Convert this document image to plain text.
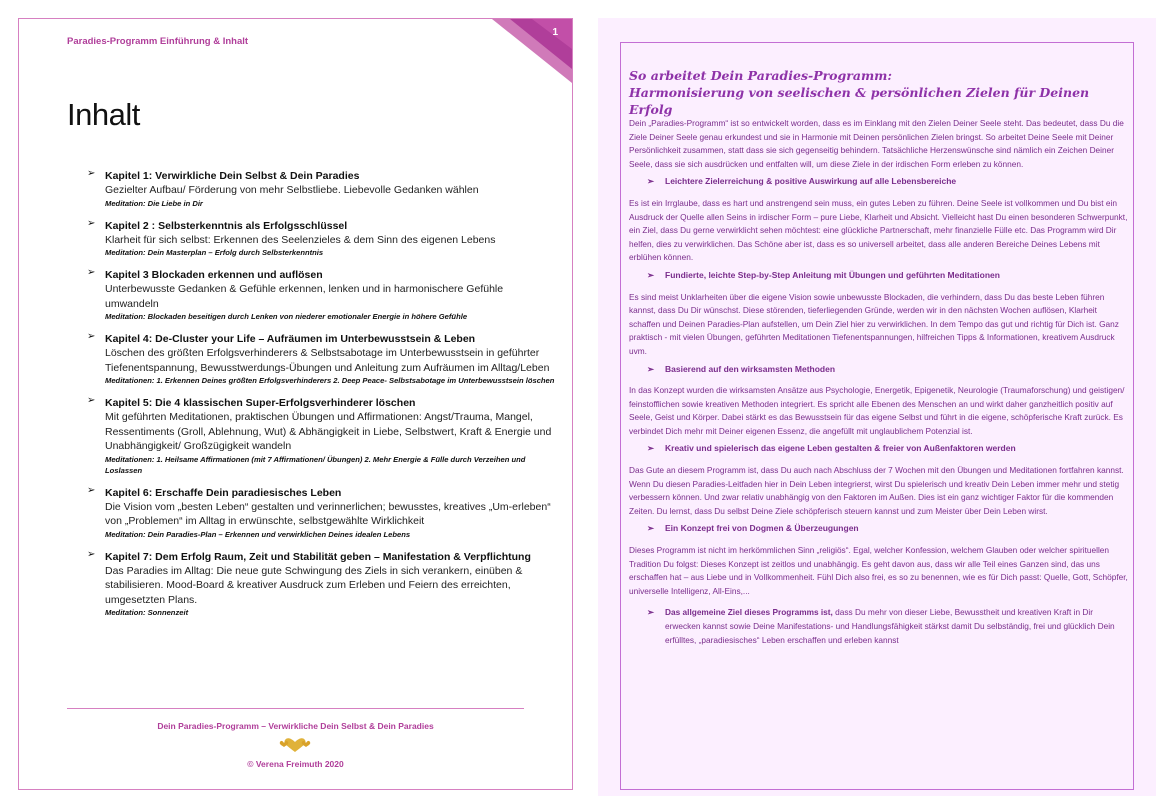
1
Paradies-Programm Einführung & Inhalt
Inhalt
➢ Kapitel 1: Verwirkliche Dein Selbst & Dein Paradies
Gezielter Aufbau/ Förderung von mehr Selbstliebe. Liebevolle Gedanken wählen
Meditation: Die Liebe in Dir
➢ Kapitel 2 : Selbsterkenntnis als Erfolgsschlüssel
Klarheit für sich selbst: Erkennen des Seelenzieles & dem Sinn des eigenen Lebens
Meditation: Dein Masterplan – Erfolg durch Selbsterkenntnis
➢ Kapitel 3 Blockaden erkennen und auflösen
Unterbewusste Gedanken & Gefühle erkennen, lenken und in harmonischere Gefühle umwandeln
Meditation: Blockaden beseitigen durch Lenken von niederer emotionaler Energie in höhere Gefühle
➢ Kapitel 4: De-Cluster your Life – Aufräumen im Unterbewusstsein & Leben
Löschen des größten Erfolgsverhinderers & Selbstsabotage im Unterbewusstsein in geführter Tiefenentspannung, Bewusstwerdungs-Übungen und Anleitung zum Aufräumen im Alltag/Leben
Meditationen: 1. Erkennen Deines größten Erfolgsverhinderers 2. Deep Peace- Selbstsabotage im Unterbewusstsein löschen
➢ Kapitel 5: Die 4 klassischen Super-Erfolgsverhinderer löschen
Mit geführten Meditationen, praktischen Übungen und Affirmationen: Angst/Trauma, Mangel, Ressentiments (Groll, Ablehnung, Wut) & Abhängigkeit in Liebe, Selbstwert, Kraft & Energie und Unabhängigkeit/ Großzügigkeit wandeln
Meditationen: 1. Heilsame Affirmationen (mit 7 Affirmationen/ Übungen) 2. Mehr Energie & Fülle durch Verzeihen und Loslassen
➢ Kapitel 6: Erschaffe Dein paradiesisches Leben
Die Vision vom „besten Leben“ gestalten und verinnerlichen; bewusstes, kreatives „Um-erleben“ von „Problemen“ im Alltag in erwünschte, selbstgewählte Wirklichkeit
Meditation: Dein Paradies-Plan – Erkennen und verwirklichen Deines idealen Lebens
➢ Kapitel 7: Dem Erfolg Raum, Zeit und Stabilität geben – Manifestation & Verpflichtung
Das Paradies im Alltag: Die neue gute Schwingung des Ziels in sich verankern, einüben & stabilisieren. Mood-Board & kreativer Ausdruck zum Erleben und Feiern des erreichten, umgesetzten Plans.
Meditation: Sonnenzeit
Dein Paradies-Programm – Verwirkliche Dein Selbst & Dein Paradies
© Verena Freimuth 2020
So arbeitet Dein Paradies-Programm:
Harmonisierung von seelischen & persönlichen Zielen für Deinen Erfolg

Dein „Paradies-Programm“ ist so entwickelt worden, dass es im Einklang mit den Zielen Deiner Seele steht. Das bedeutet, dass Du die Ziele Deiner Seele genau erkundest und sie in Harmonie mit Deinen persönlichen Zielen bringst. So arbeitet Deine Seele mit Deiner Persönlichkeit zusammen, statt dass sie sich gegenseitig behindern. Tatsächliche Herzenswünsche sind nämlich ein Zeichen Deiner Seele, dass sie sich ausdrücken und entfalten will, um diese Ziele in der irdischen Form erleben zu können.

➢ Leichtere Zielerreichung & positive Auswirkung auf alle Lebensbereiche

Es ist ein Irrglaube, dass es hart und anstrengend sein muss, ein gutes Leben zu führen. Deine Seele ist vollkommen und Du bist ein Ausdruck der Quelle allen Seins in irdischer Form – pure Liebe, Klarheit und Absicht. Vielleicht hast Du einen besonderen Schwerpunkt, ein Ziel, dass Du gerne verwirklicht sehen möchtest: eine glückliche Partnerschaft, mehr finanzielle Fülle etc. Das Programm wird Dir helfen, dies zu verwirklichen. Das Schöne aber ist, dass es so universell arbeitet, dass alle anderen Bereiche Deines Lebens mit erblühen können.

➢ Fundierte, leichte Step-by-Step Anleitung mit Übungen und geführten Meditationen

Es sind meist Unklarheiten über die eigene Vision sowie unbewusste Blockaden, die verhindern, dass Du das beste Leben führen kannst, dass Du Dir wünschst. Diese störenden, tieferliegenden Gründe, werden wir in den nächsten Wochen auflösen, Klarheit schaffen und Deinen Paradies-Plan aufstellen, um Dein Ziel hier zu verwirklichen. In dem Tempo das gut und richtig für Dich ist. Ganz praktisch - mit vielen Übungen, geführten Meditationen Tiefenentspannungen, hilfreichen Tipps & Informationen, kreativem Ausdruck uvm.

➢ Basierend auf den wirksamsten Methoden

In das Konzept wurden die wirksamsten Ansätze aus Psychologie, Energetik, Epigenetik, Neurologie (Traumaforschung) und geistigen/ feinstofflichen sowie kreativen Methoden integriert. Es spricht alle Ebenen des Menschen an und wirkt daher ganzheitlich positiv auf Seele, Geist und Körper. Dabei stärkt es das Bewusstsein für das eigene Selbst und führt in die eigene, schöpferische Kraft zurück. Es verbindet Dich mehr mit Deiner eigenen Essenz, die angefüllt mit unglaublichem Potenzial ist.

➢ Kreativ und spielerisch das eigene Leben gestalten & freier von Außenfaktoren werden

Das Gute an diesem Programm ist, dass Du auch nach Abschluss der 7 Wochen mit den Übungen und Meditationen fortfahren kannst. Wenn Du diesen Paradies-Leitfaden hier in Dein Leben integrierst, wirst Du spielerisch und kreativ Dein Leben immer mehr und stetig verbessern können. Und zwar relativ unabhängig von den Faktoren im Außen. Dies ist ein ganz wichtiger Faktor für die kommenden Zeiten. Du lernst, dass Du selbst Deine Ziele schöpferisch steuern kannst und zum Meister über Dein Leben wirst.

➢ Ein Konzept frei von Dogmen & Überzeugungen

Dieses Programm ist nicht im herkömmlichen Sinn „religiös“. Egal, welcher Konfession, welchem Glauben oder welcher spirituellen Tradition Du folgst: Dieses Konzept ist zeitlos und unabhängig. Es geht davon aus, dass wir alle Teil eines Ganzen sind, das uns erschaffen hat – aus Liebe und in Vollkommenheit. Fühl Dich also frei, es so zu benennen, wie es für Dich passt: Quelle, Gott, Schöpfer, universelle Intelligenz, All-Eins,...

➢ Das allgemeine Ziel dieses Programms ist, dass Du mehr von dieser Liebe, Bewusstheit und kreativen Kraft in Dir erwecken kannst sowie Deine Manifestations- und Handlungsfähigkeit stärkst damit Du selbständig, frei und glücklich Dein erfülltes, „paradiesisches“ Leben erschaffen und erleben kannst
